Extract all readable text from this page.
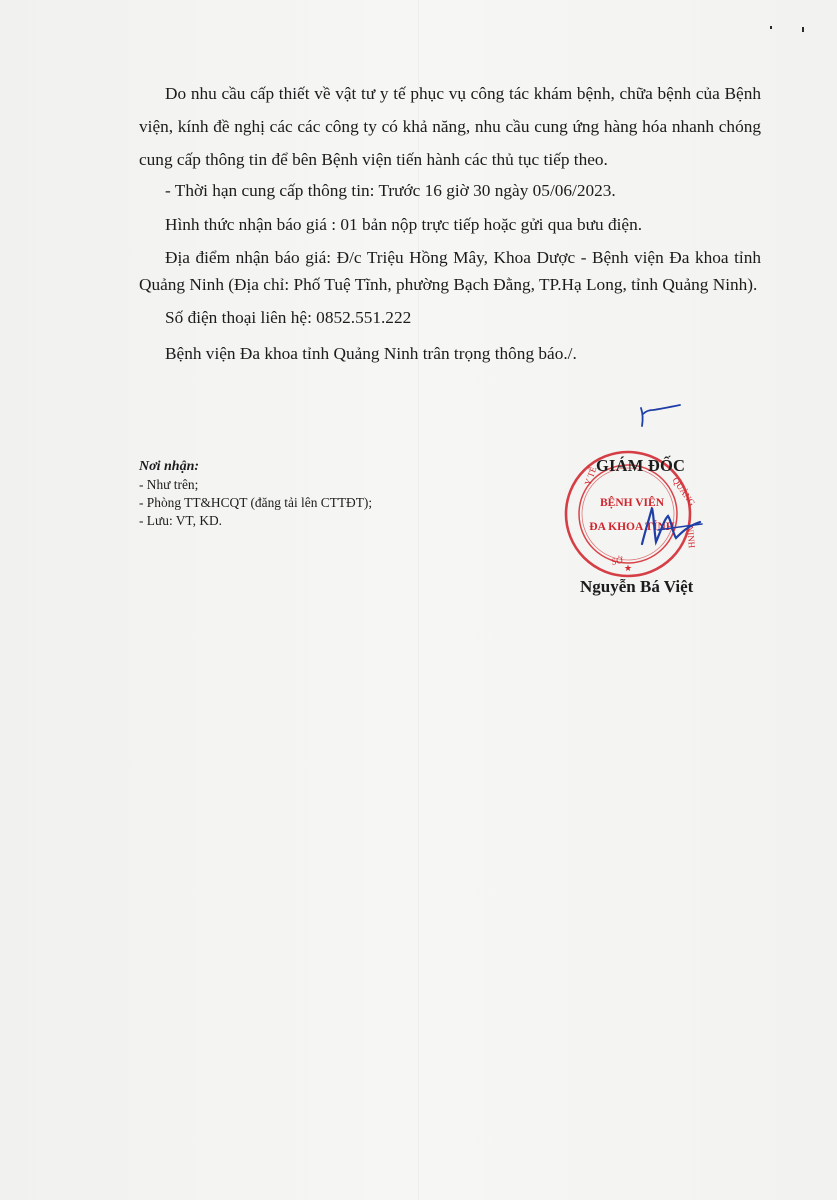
Do nhu cầu cấp thiết về vật tư y tế phục vụ công tác khám bệnh, chữa bệnh của Bệnh viện, kính đề nghị các các công ty có khả năng, nhu cầu cung ứng hàng hóa nhanh chóng cung cấp thông tin để bên Bệnh viện tiến hành các thủ tục tiếp theo.

- Thời hạn cung cấp thông tin: Trước 16 giờ 30 ngày 05/06/2023.

Hình thức nhận báo giá : 01 bản nộp trực tiếp hoặc gửi qua bưu điện.

Địa điểm nhận báo giá: Đ/c Triệu Hồng Mây, Khoa Dược - Bệnh viện Đa khoa tỉnh Quảng Ninh (Địa chỉ: Phố Tuệ Tĩnh, phường Bạch Đằng, TP.Hạ Long, tỉnh Quảng Ninh).

Số điện thoại liên hệ: 0852.551.222

Bệnh viện Đa khoa tỉnh Quảng Ninh trân trọng thông báo./.

Nơi nhận:
- Như trên;
- Phòng TT&HCQT (đăng tải lên CTTĐT);
- Lưu: VT, KD.
Y TẾ	QUẢNG
NINH
SỞ
★
BỆNH VIỆN
ĐA KHOA TỈNH
GIÁM ĐỐC
Nguyễn Bá Việt
